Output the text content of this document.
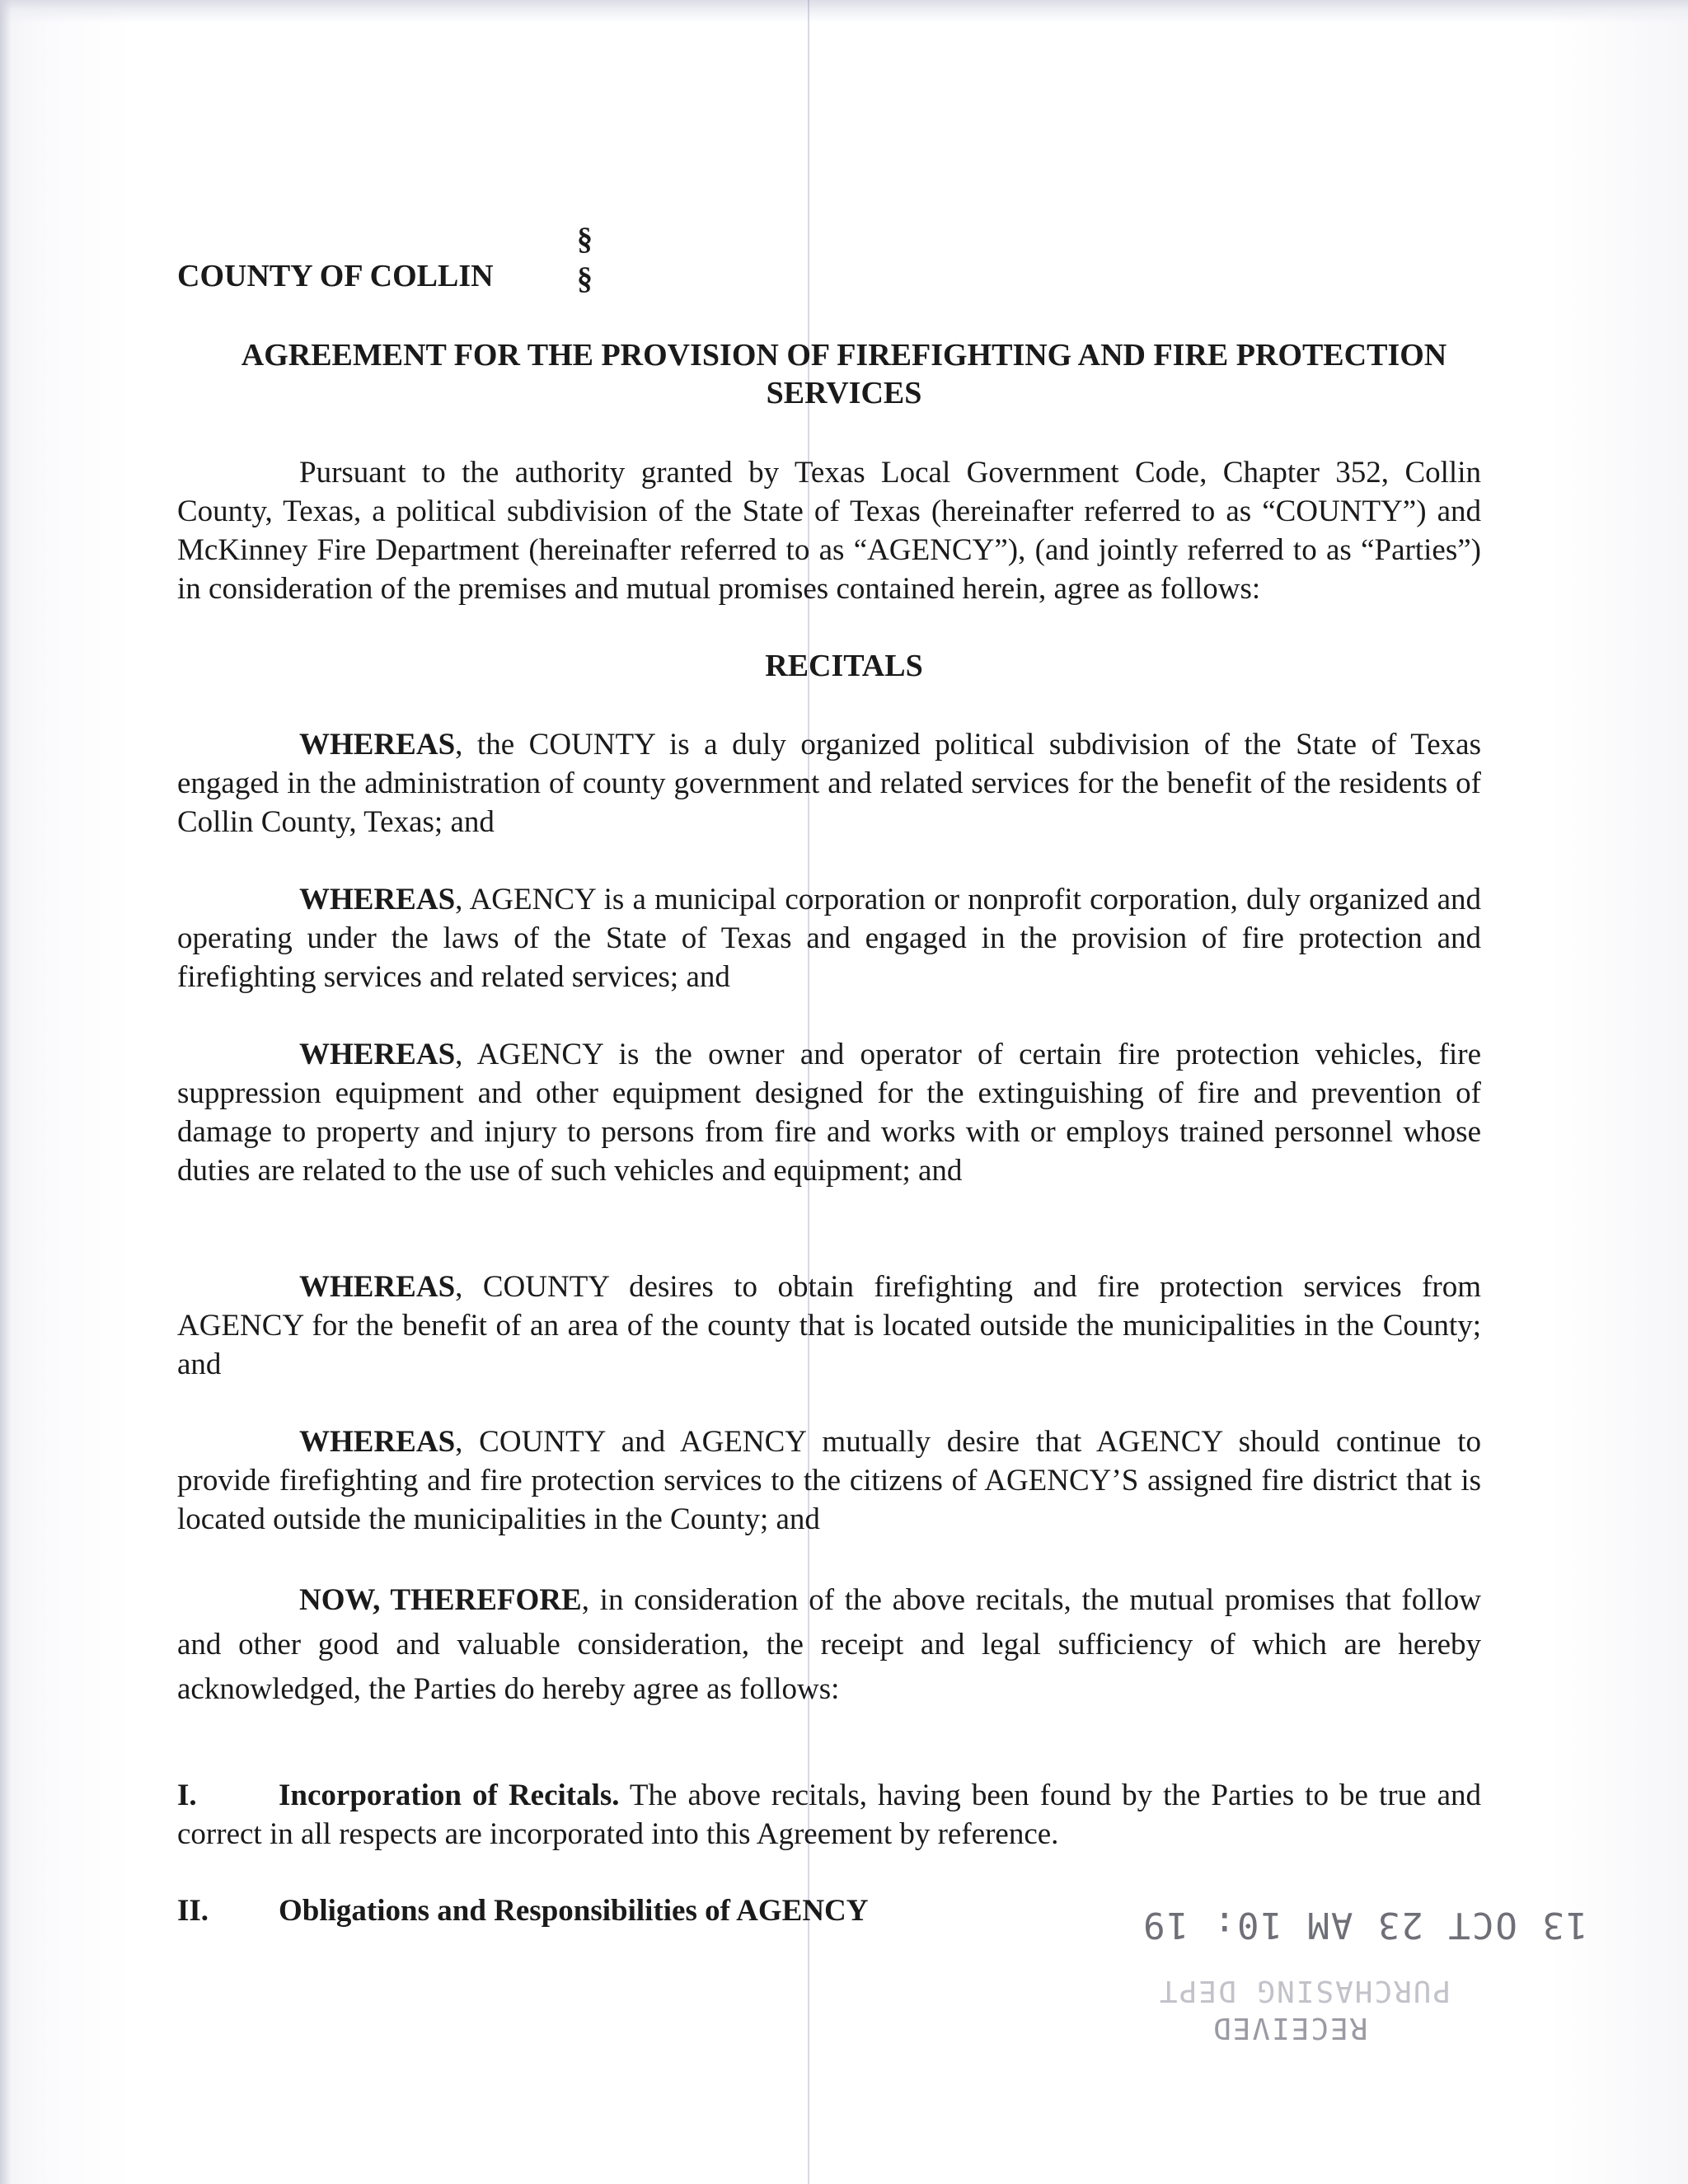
§
§
COUNTY OF COLLIN
AGREEMENT FOR THE PROVISION OF FIREFIGHTING AND FIRE PROTECTION
SERVICES
Pursuant to the authority granted by Texas Local Government Code, Chapter 352, Collin County, Texas, a political subdivision of the State of Texas (hereinafter referred to as “COUNTY”) and McKinney Fire Department (hereinafter referred to as “AGENCY”), (and jointly referred to as “Parties”) in consideration of the premises and mutual promises contained herein, agree as follows:
RECITALS
WHEREAS, the COUNTY is a duly organized political subdivision of the State of Texas engaged in the administration of county government and related services for the benefit of the residents of Collin County, Texas; and
WHEREAS, AGENCY is a municipal corporation or nonprofit corporation, duly organized and operating under the laws of the State of Texas and engaged in the provision of fire protection and firefighting services and related services; and
WHEREAS, AGENCY is the owner and operator of certain fire protection vehicles, fire suppression equipment and other equipment designed for the extinguishing of fire and prevention of damage to property and injury to persons from fire and works with or employs trained personnel whose duties are related to the use of such vehicles and equipment; and
WHEREAS, COUNTY desires to obtain firefighting and fire protection services from AGENCY for the benefit of an area of the county that is located outside the municipalities in the County; and
WHEREAS, COUNTY and AGENCY mutually desire that AGENCY should continue to provide firefighting and fire protection services to the citizens of AGENCY’S assigned fire district that is located outside the municipalities in the County; and
NOW, THEREFORE, in consideration of the above recitals, the mutual promises that follow and other good and valuable consideration, the receipt and legal sufficiency of which are hereby acknowledged, the Parties do hereby agree as follows:
I.	Incorporation of Recitals. The above recitals, having been found by the Parties to be true and correct in all respects are incorporated into this Agreement by reference.
II. Obligations and Responsibilities of AGENCY	13 OCT 23 AM 10: 19
PURCHASING DEPT
RECEIVED
